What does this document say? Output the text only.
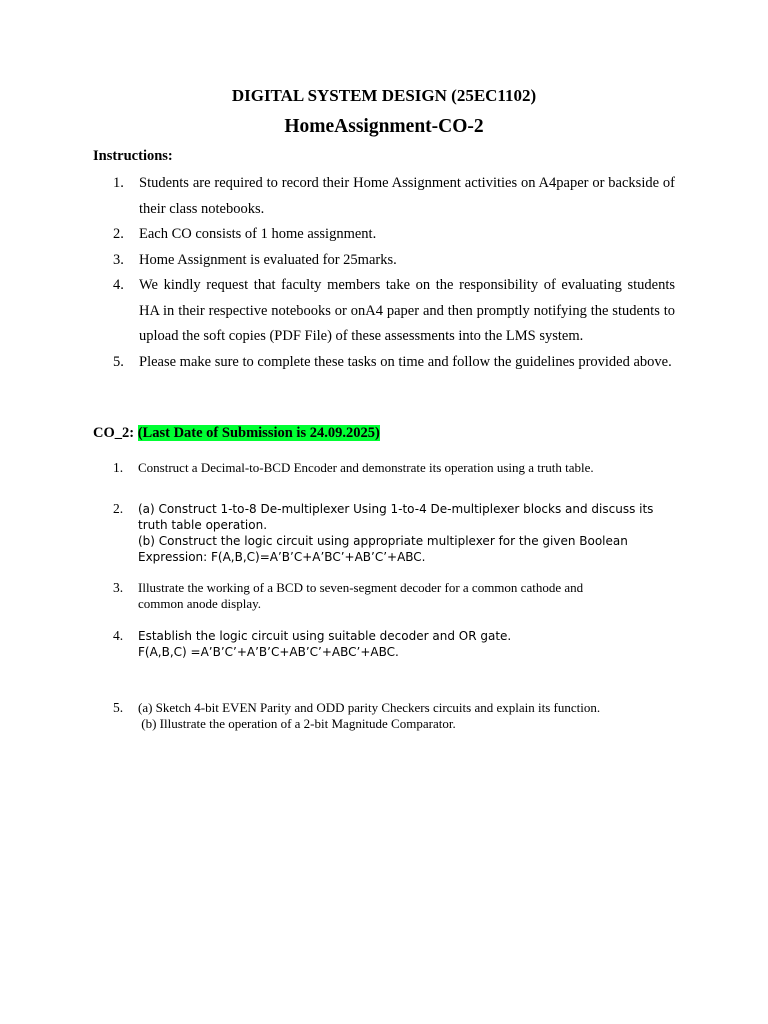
DIGITAL SYSTEM DESIGN (25EC1102)
HomeAssignment-CO-2
Instructions:
1. Students are required to record their Home Assignment activities on A4paper or backside of their class notebooks.
2. Each CO consists of 1 home assignment.
3. Home Assignment is evaluated for 25marks.
4. We kindly request that faculty members take on the responsibility of evaluating students HA in their respective notebooks or onA4 paper and then promptly notifying the students to upload the soft copies (PDF File) of these assessments into the LMS system.
5. Please make sure to complete these tasks on time and follow the guidelines provided above.
CO_2: (Last Date of Submission is 24.09.2025)
1. Construct a Decimal-to-BCD Encoder and demonstrate its operation using a truth table.
2. (a) Construct 1-to-8 De-multiplexer Using 1-to-4 De-multiplexer blocks and discuss its
truth table operation.
(b) Construct the logic circuit using appropriate multiplexer for the given Boolean
Expression: F(A,B,C)=A’B’C+A’BC’+AB’C’+ABC.
3. Illustrate the working of a BCD to seven-segment decoder for a common cathode and
common anode display.
4. Establish the logic circuit using suitable decoder and OR gate.
F(A,B,C) =A’B’C’+A’B’C+AB’C’+ABC’+ABC.
5. (a) Sketch 4-bit EVEN Parity and ODD parity Checkers circuits and explain its function.
(b) Illustrate the operation of a 2-bit Magnitude Comparator.
